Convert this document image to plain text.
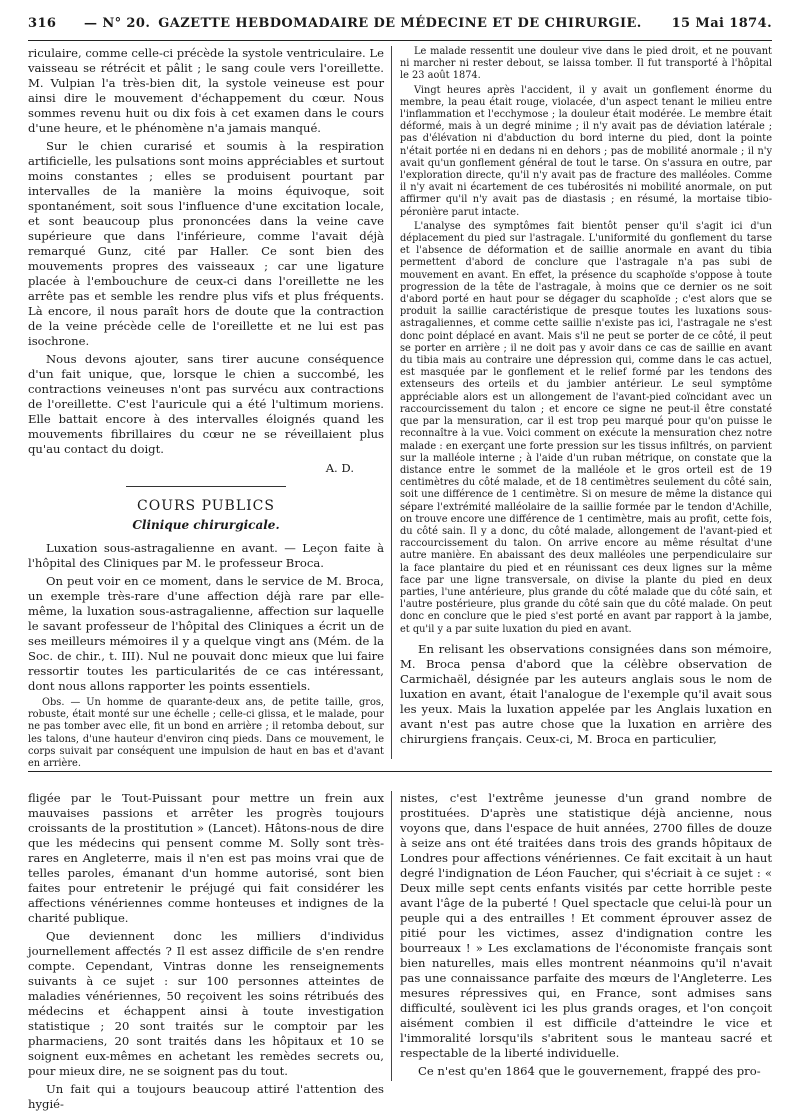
316 — N° 20. GAZETTE HEBDOMADAIRE DE MÉDECINE ET DE CHIRURGIE. 15 Mai 1874.

riculaire, comme celle-ci précède la systole ventriculaire. Le vaisseau se rétrécit et pâlit ; le sang coule vers l'oreillette. M. Vulpian l'a très-bien dit, la systole veineuse est pour ainsi dire le mouvement d'échappement du cœur. Nous sommes revenu huit ou dix fois à cet examen dans le cours d'une heure, et le phénomène n'a jamais manqué.

Sur le chien curarisé et soumis à la respiration artificielle, les pulsations sont moins appréciables et surtout moins constantes ; elles se produisent pourtant par intervalles de la manière la moins équivoque, soit spontanément, soit sous l'influence d'une excitation locale, et sont beaucoup plus prononcées dans la veine cave supérieure que dans l'inférieure, comme l'avait déjà remarqué Gunz, cité par Haller. Ce sont bien des mouvements propres des vaisseaux ; car une ligature placée à l'embouchure de ceux-ci dans l'oreillette ne les arrête pas et semble les rendre plus vifs et plus fréquents. Là encore, il nous paraît hors de doute que la contraction de la veine précède celle de l'oreillette et ne lui est pas isochrone.

Nous devons ajouter, sans tirer aucune conséquence d'un fait unique, que, lorsque le chien a succombé, les contractions veineuses n'ont pas survécu aux contractions de l'oreillette. C'est l'auricule qui a été l'ultimum moriens. Elle battait encore à des intervalles éloignés quand les mouvements fibrillaires du cœur ne se réveillaient plus qu'au contact du doigt.

A. D.
COURS PUBLICS
Clinique chirurgicale.

Luxation sous-astragalienne en avant. — Leçon faite à l'hôpital des Cliniques par M. le professeur Broca.

On peut voir en ce moment, dans le service de M. Broca, un exemple très-rare d'une affection déjà rare par elle-même, la luxation sous-astragalienne, affection sur laquelle le savant professeur de l'hôpital des Cliniques a écrit un de ses meilleurs mémoires il y a quelque vingt ans (Mém. de la Soc. de chir., t. III). Nul ne pouvait donc mieux que lui faire ressortir toutes les particularités de ce cas intéressant, dont nous allons rapporter les points essentiels.

Obs. — Un homme de quarante-deux ans, de petite taille, gros, robuste, était monté sur une échelle ; celle-ci glissa, et le malade, pour ne pas tomber avec elle, fit un bond en arrière ; il retomba debout, sur les talons, d'une hauteur d'environ cinq pieds. Dans ce mouvement, le corps suivait par conséquent une impulsion de haut en bas et d'avant en arrière.

Le malade ressentit une douleur vive dans le pied droit, et ne pouvant ni marcher ni rester debout, se laissa tomber. Il fut transporté à l'hôpital le 23 août 1874.

Vingt heures après l'accident, il y avait un gonflement énorme du membre, la peau était rouge, violacée, d'un aspect tenant le milieu entre l'inflammation et l'ecchymose ; la douleur était modérée. Le membre était déformé, mais à un degré minime ; il n'y avait pas de déviation latérale ; pas d'élévation ni d'abduction du bord interne du pied, dont la pointe n'était portée ni en dedans ni en dehors ; pas de mobilité anormale ; il n'y avait qu'un gonflement général de tout le tarse. On s'assura en outre, par l'exploration directe, qu'il n'y avait pas de fracture des malléoles. Comme il n'y avait ni écartement de ces tubérosités ni mobilité anormale, on put affirmer qu'il n'y avait pas de diastasis ; en résumé, la mortaise tibio-péronière parut intacte.

L'analyse des symptômes fait bientôt penser qu'il s'agit ici d'un déplacement du pied sur l'astragale. L'uniformité du gonflement du tarse et l'absence de déformation et de saillie anormale en avant du tibia permettent d'abord de conclure que l'astragale n'a pas subi de mouvement en avant. En effet, la présence du scaphoïde s'oppose à toute progression de la tête de l'astragale, à moins que ce dernier os ne soit d'abord porté en haut pour se dégager du scaphoïde ; c'est alors que se produit la saillie caractéristique de presque toutes les luxations sous-astragaliennes, et comme cette saillie n'existe pas ici, l'astragale ne s'est donc point déplacé en avant. Mais s'il ne peut se porter de ce côté, il peut se porter en arrière ; il ne doit pas y avoir dans ce cas de saillie en avant du tibia mais au contraire une dépression qui, comme dans le cas actuel, est masquée par le gonflement et le relief formé par les tendons des extenseurs des orteils et du jambier antérieur. Le seul symptôme appréciable alors est un allongement de l'avant-pied coïncidant avec un raccourcissement du talon ; et encore ce signe ne peut-il être constaté que par la mensuration, car il est trop peu marqué pour qu'on puisse le reconnaître à la vue. Voici comment on exécute la mensuration chez notre malade : en exerçant une forte pression sur les tissus infiltrés, on parvient sur la malléole interne ; à l'aide d'un ruban métrique, on constate que la distance entre le sommet de la malléole et le gros orteil est de 19 centimètres du côté malade, et de 18 centimètres seulement du côté sain, soit une différence de 1 centimètre. Si on mesure de même la distance qui sépare l'extrémité malléolaire de la saillie formée par le tendon d'Achille, on trouve encore une différence de 1 centimètre, mais au profit, cette fois, du côté sain. Il y a donc, du côté malade, allongement de l'avant-pied et raccourcissement du talon. On arrive encore au même résultat d'une autre manière. En abaissant des deux malléoles une perpendiculaire sur la face plantaire du pied et en réunissant ces deux lignes sur la même face par une ligne transversale, on divise la plante du pied en deux parties, l'une antérieure, plus grande du côté malade que du côté sain, et l'autre postérieure, plus grande du côté sain que du côté malade. On peut donc en conclure que le pied s'est porté en avant par rapport à la jambe, et qu'il y a par suite luxation du pied en avant.

En relisant les observations consignées dans son mémoire, M. Broca pensa d'abord que la célèbre observation de Carmichaël, désignée par les auteurs anglais sous le nom de luxation en avant, était l'analogue de l'exemple qu'il avait sous les yeux. Mais la luxation appelée par les Anglais luxation en avant n'est pas autre chose que la luxation en arrière des chirurgiens français. Ceux-ci, M. Broca en particulier,

fligée par le Tout-Puissant pour mettre un frein aux mauvaises passions et arrêter les progrès toujours croissants de la prostitution » (Lancet). Hâtons-nous de dire que les médecins qui pensent comme M. Solly sont très-rares en Angleterre, mais il n'en est pas moins vrai que de telles paroles, émanant d'un homme autorisé, sont bien faites pour entretenir le préjugé qui fait considérer les affections vénériennes comme honteuses et indignes de la charité publique.

Que deviennent donc les milliers d'individus journellement affectés ? Il est assez difficile de s'en rendre compte. Cependant, Vintras donne les renseignements suivants à ce sujet : sur 100 personnes atteintes de maladies vénériennes, 50 reçoivent les soins rétribués des médecins et échappent ainsi à toute investigation statistique ; 20 sont traités sur le comptoir par les pharmaciens, 20 sont traités dans les hôpitaux et 10 se soignent eux-mêmes en achetant les remèdes secrets ou, pour mieux dire, ne se soignent pas du tout.

Un fait qui a toujours beaucoup attiré l'attention des hygié-

nistes, c'est l'extrême jeunesse d'un grand nombre de prostituées. D'après une statistique déjà ancienne, nous voyons que, dans l'espace de huit années, 2700 filles de douze à seize ans ont été traitées dans trois des grands hôpitaux de Londres pour affections vénériennes. Ce fait excitait à un haut degré l'indignation de Léon Faucher, qui s'écriait à ce sujet : « Deux mille sept cents enfants visités par cette horrible peste avant l'âge de la puberté ! Quel spectacle que celui-là pour un peuple qui a des entrailles ! Et comment éprouver assez de pitié pour les victimes, assez d'indignation contre les bourreaux ! » Les exclamations de l'économiste français sont bien naturelles, mais elles montrent néanmoins qu'il n'avait pas une connaissance parfaite des mœurs de l'Angleterre. Les mesures répressives qui, en France, sont admises sans difficulté, soulèvent ici les plus grands orages, et l'on conçoit aisément combien il est difficile d'atteindre le vice et l'immoralité lorsqu'ils s'abritent sous le manteau sacré et respectable de la liberté individuelle.

Ce n'est qu'en 1864 que le gouvernement, frappé des pro-
